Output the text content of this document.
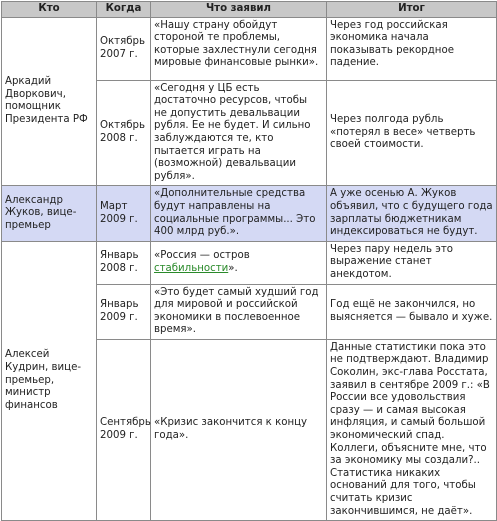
Кто	Когда	Что заявил	Итог
Аркадий Дворкович, помощник Президента РФ	Октябрь 2007 г.	«Нашу страну обойдут стороной те проблемы, которые захлестнули сегодня мировые финансовые рынки».	Через год российская экономика начала показывать рекордное падение.
	Октябрь 2008 г.	«Сегодня у ЦБ есть достаточно ресурсов, чтобы не допустить девальвации рубля. Ее не будет. И сильно заблуждаются те, кто пытается играть на (возможной) девальвации рубля».	Через полгода рубль «потерял в весе» четверть своей стоимости.
Александр Жуков, вице-премьер	Март 2009 г.	«Дополнительные средства будут направлены на социальные программы... Это 400 млрд руб.».	А уже осенью А. Жуков объявил, что с будущего года зарплаты бюджетникам индексироваться не будут.
Алексей Кудрин, вице-премьер, министр финансов	Январь 2008 г.	«Россия — остров стабильности».	Через пару недель это выражение станет анекдотом.
	Январь 2009 г.	«Это будет самый худший год для мировой и российской экономики в послевоенное время».	Год ещё не закончился, но выясняется — бывало и хуже.
	Сентябрь 2009 г.	«Кризис закончится к концу года».	Данные статистики пока это не подтверждают. Владимир Соколин, экс-глава Росстата, заявил в сентябре 2009 г.: «В России все удовольствия сразу — и самая высокая инфляция, и самый большой экономический спад. Коллеги, объясните мне, что за экономику мы создали?.. Статистика никаких оснований для того, чтобы считать кризис закончившимся, не даёт».
